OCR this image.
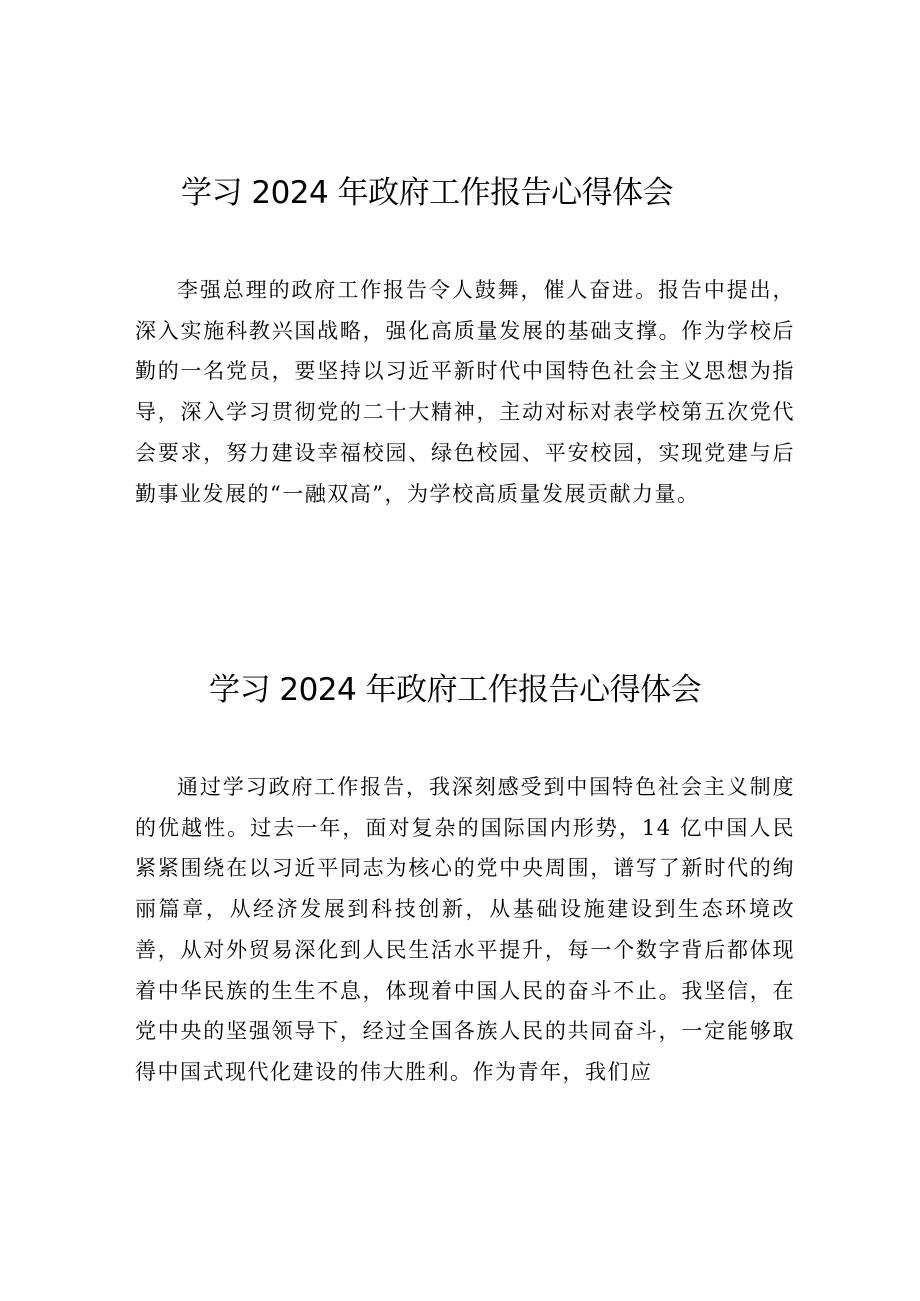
学习 2024 年政府工作报告心得体会

李强总理的政府工作报告令人鼓舞，催人奋进。报告中提出，深入实施科教兴国战略，强化高质量发展的基础支撑。作为学校后勤的一名党员，要坚持以习近平新时代中国特色社会主义思想为指导，深入学习贯彻党的二十大精神，主动对标对表学校第五次党代会要求，努力建设幸福校园、绿色校园、平安校园，实现党建与后勤事业发展的“一融双高”，为学校高质量发展贡献力量。

学习 2024 年政府工作报告心得体会

通过学习政府工作报告，我深刻感受到中国特色社会主义制度的优越性。过去一年，面对复杂的国际国内形势，14 亿中国人民紧紧围绕在以习近平同志为核心的党中央周围，谱写了新时代的绚丽篇章，从经济发展到科技创新，从基础设施建设到生态环境改善，从对外贸易深化到人民生活水平提升，每一个数字背后都体现着中华民族的生生不息，体现着中国人民的奋斗不止。我坚信，在党中央的坚强领导下，经过全国各族人民的共同奋斗，一定能够取得中国式现代化建设的伟大胜利。作为青年，我们应
